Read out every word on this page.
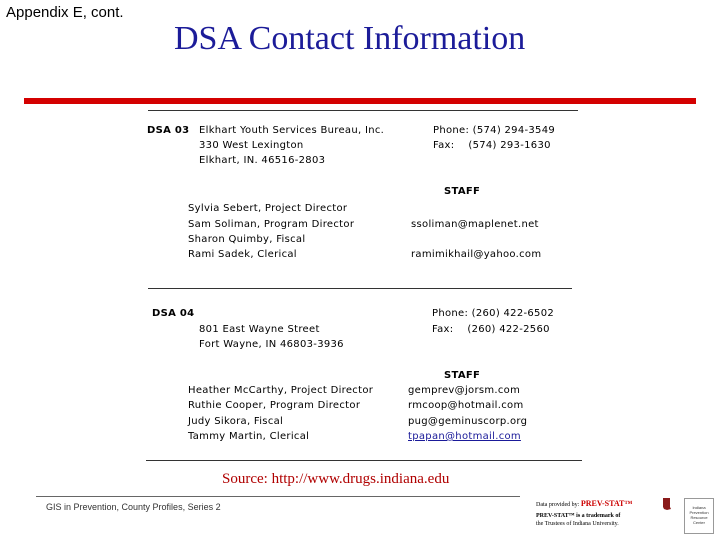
Appendix E, cont.
DSA Contact Information
DSA 03 Elkhart Youth Services Bureau, Inc.
330 West Lexington
Elkhart, IN. 46516-2803
Phone: (574) 294-3549
Fax:    (574) 293-1630
STAFF
Sylvia Sebert, Project Director
Sam Soliman, Program Director
Sharon Quimby, Fiscal
Rami Sadek, Clerical
ssoliman@maplenet.net
ramimikhail@yahoo.com
DSA 04
801 East Wayne Street
Fort Wayne, IN 46803-3936
Phone: (260) 422-6502
Fax:    (260) 422-2560
STAFF
Heather McCarthy, Project Director
Ruthie Cooper, Program Director
Judy Sikora, Fiscal
Tammy Martin, Clerical
gemprev@jorsm.com
rmcoop@hotmail.com
pug@geminuscorp.org
tpapan@hotmail.com
Source: http://www.drugs.indiana.edu
GIS in Prevention, County Profiles, Series 2	Data provided by: PREV-STAT™
PREV-STAT™ is a trademark of
the Trustees of Indiana University.
Indiana Prevention Resource Center
